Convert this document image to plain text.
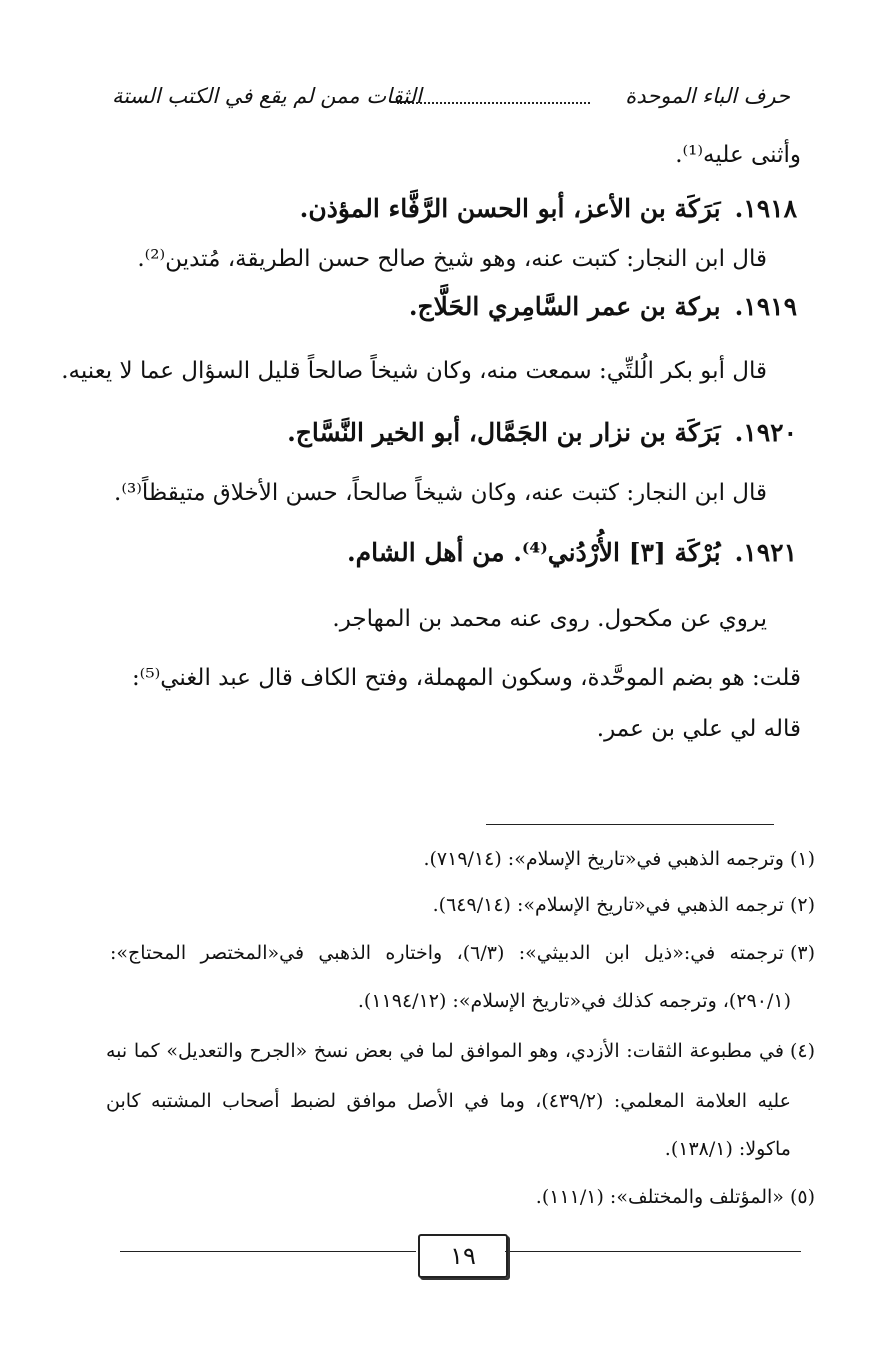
حرف الباء الموحدة
الثقات ممن لم يقع في الكتب الستة
وأثنى عليه⁽¹⁾.
١٩١٨.بَرَكَة بن الأعز، أبو الحسن الرَّفَّاء المؤذن.
قال ابن النجار: كتبت عنه، وهو شيخ صالح حسن الطريقة، مُتدين⁽²⁾.
١٩١٩.بركة بن عمر السَّامِري الحَلَّاج.
قال أبو بكر الُلتِّي: سمعت منه، وكان شيخاً صالحاً قليل السؤال عما لا يعنيه.
١٩٢٠.بَرَكَة بن نزار بن الجَمَّال، أبو الخير النَّسَّاج.
قال ابن النجار: كتبت عنه، وكان شيخاً صالحاً، حسن الأخلاق متيقظاً⁽³⁾.
١٩٢١.بُرْكَة [٣] الأُرْدُني⁽⁴⁾. من أهل الشام.
يروي عن مكحول. روى عنه محمد بن المهاجر.
قلت: هو بضم الموحَّدة، وسكون المهملة، وفتح الكاف قال عبد الغني⁽⁵⁾:
قاله لي علي بن عمر.
(١)وترجمه الذهبي في«تاريخ الإسلام»: (٧١٩/١٤).
(٢)ترجمه الذهبي في«تاريخ الإسلام»: (٦٤٩/١٤).
(٣)ترجمته في:«ذيل ابن الدبيثي»: (٦/٣)، واختاره الذهبي في«المختصر المحتاج»:
(٢٩٠/١)، وترجمه كذلك في«تاريخ الإسلام»: (١١٩٤/١٢).
(٤)في مطبوعة الثقات: الأزدي، وهو الموافق لما في بعض نسخ «الجرح والتعديل» كما نبه
عليه العلامة المعلمي: (٤٣٩/٢)، وما في الأصل موافق لضبط أصحاب المشتبه كابن
ماكولا: (١٣٨/١).
(٥)«المؤتلف والمختلف»: (١١١/١).
١٩
